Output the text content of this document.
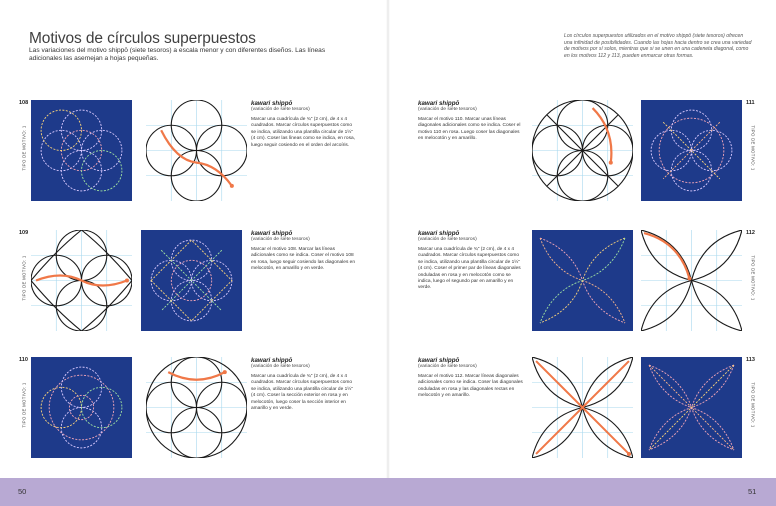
Motivos de círculos superpuestos

Las variaciones del motivo shippō (siete tesoros) a escala menor y con diferentes diseños. Las líneas adicionales las asemejan a hojas pequeñas.

Los círculos superpuestos utilizados en el motivo shippō (siete tesoros) ofrecen una infinidad de posibilidades. Cuando las hojas hacia dentro se crea una variedad de motivos por sí solos, mientras que si se unen en una cadeneta diagonal, como en los motivos 112 y 113, pueden enmarcar otras formas.

108
TIPO DE MOTIVO: 1
kawari shippō
(variación de siete tesoros)
Marcar una cuadrícula de ¾" (2 cm), de 4 x 4 cuadrados. Marcar círculos superpuestos como se indica, utilizando una plantilla circular de 1½" (4 cm). Coser las líneas como se indica, en rosa, luego seguir cosiendo en el orden del arcoíris.
109
TIPO DE MOTIVO: 1
kawari shippō
(variación de siete tesoros)
Marcar el motivo 108. Marcar las líneas adicionales como se indica. Coser el motivo 108 en rosa, luego seguir cosiendo las diagonales en melocotón, en amarillo y en verde.
110
TIPO DE MOTIVO: 1
kawari shippō
(variación de siete tesoros)
Marcar una cuadrícula de ¾" (2 cm), de 4 x 4 cuadrados. Marcar círculos superpuestos como se indica, utilizando una plantilla circular de 1½" (4 cm). Coser la sección exterior en rosa y en melocotón, luego coser la sección interior en amarillo y en verde.
kawari shippō
(variación de siete tesoros)
Marcar el motivo 110. Marcar unas líneas diagonales adicionales como se indica. Coser el motivo 110 en rosa. Luego coser las diagonales en melocotón y en amarillo.
111
TIPO DE MOTIVO: 1
kawari shippō
(variación de siete tesoros)
Marcar una cuadrícula de ¾" (2 cm), de 4 x 4 cuadrados. Marcar círculos superpuestos como se indica, utilizando una plantilla circular de 1½" (4 cm). Coser el primer par de líneas diagonales onduladas en rosa y en melocotón como se indica, luego el segundo par en amarillo y en verde.
112
TIPO DE MOTIVO: 1
kawari shippō
(variación de siete tesoros)
Marcar el motivo 112. Marcar líneas diagonales adicionales como se indica. Coser las diagonales onduladas en rosa y las diagonales rectas en melocotón y en amarillo.
113
TIPO DE MOTIVO: 1
50	51
